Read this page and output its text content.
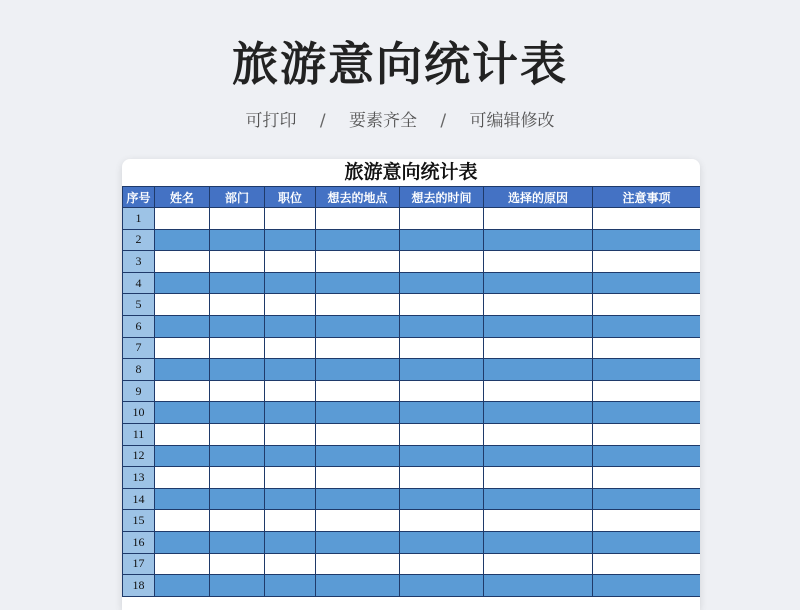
旅游意向统计表
可打印 / 要素齐全 / 可编辑修改
旅游意向统计表
序号	姓名	部门	职位	想去的地点	想去的时间	选择的原因	注意事项
1							
2							
3							
4							
5							
6							
7							
8							
9							
10							
11							
12							
13							
14							
15							
16							
17							
18							
